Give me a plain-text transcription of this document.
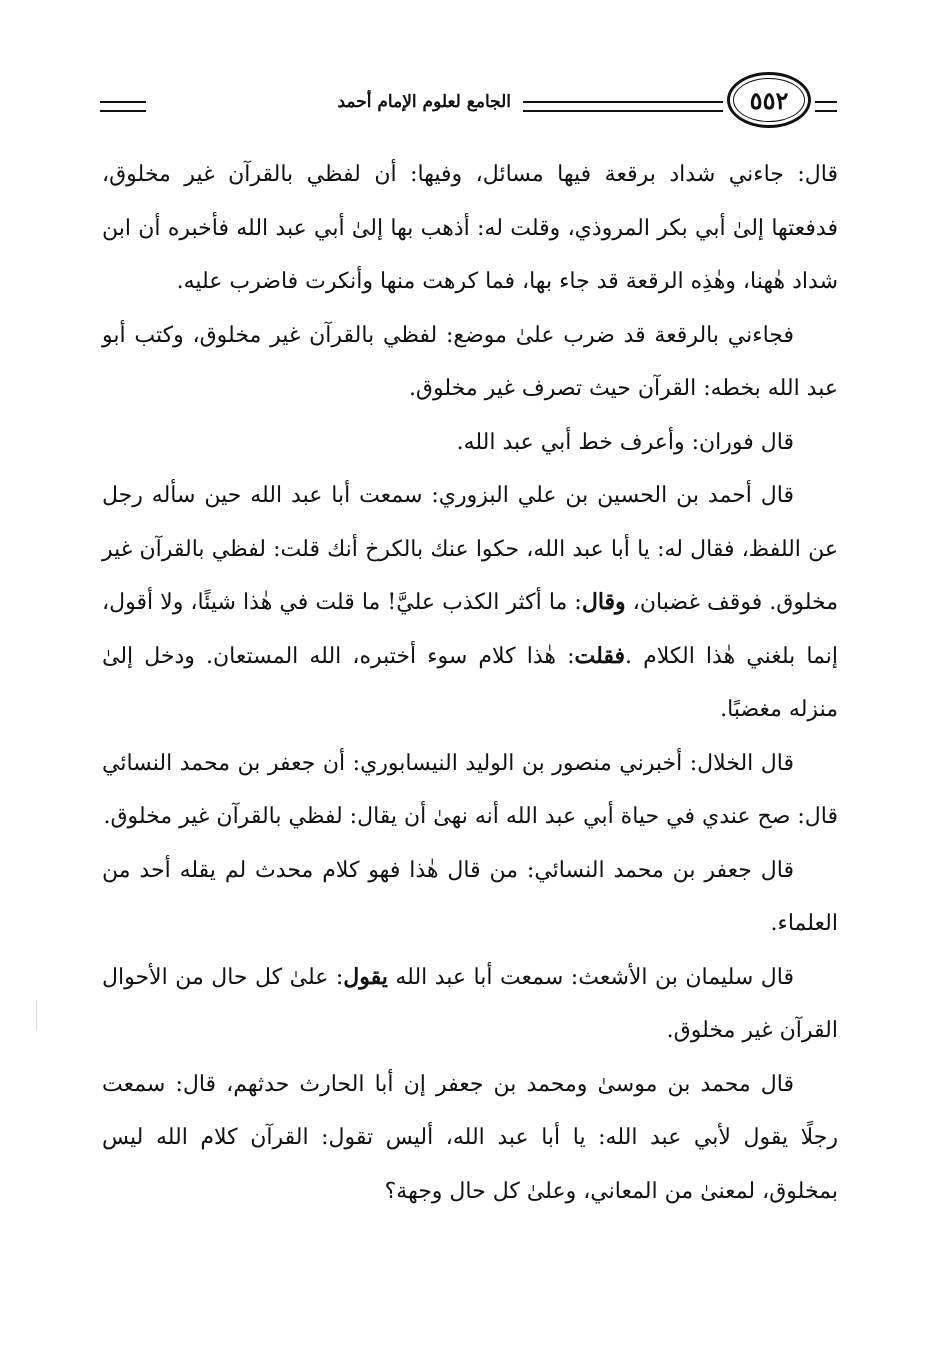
٥٥٢
الجامع لعلوم الإمام أحمد

قال: جاءني شداد برقعة فيها مسائل، وفيها: أن لفظي بالقرآن غير مخلوق، فدفعتها إلىٰ أبي بكر المروذي، وقلت له: أذهب بها إلىٰ أبي عبد الله فأخبره أن ابن شداد هٰهنا، وهٰذِه الرقعة قد جاء بها، فما كرهت منها وأنكرت فاضرب عليه.

فجاءني بالرقعة قد ضرب علىٰ موضع: لفظي بالقرآن غير مخلوق، وكتب أبو عبد الله بخطه: القرآن حيث تصرف غير مخلوق.

قال فوران: وأعرف خط أبي عبد الله.

قال أحمد بن الحسين بن علي البزوري: سمعت أبا عبد الله حين سأله رجل عن اللفظ، فقال له: يا أبا عبد الله، حكوا عنك بالكرخ أنك قلت: لفظي بالقرآن غير مخلوق. فوقف غضبان، وقال: ما أكثر الكذب عليَّ! ما قلت في هٰذا شيئًا، ولا أقول، إنما بلغني هٰذا الكلام .فقلت: هٰذا كلام سوء أختبره، الله المستعان. ودخل إلىٰ منزله مغضبًا.

قال الخلال: أخبرني منصور بن الوليد النيسابوري: أن جعفر بن محمد النسائي قال: صح عندي في حياة أبي عبد الله أنه نهىٰ أن يقال: لفظي بالقرآن غير مخلوق.

قال جعفر بن محمد النسائي: من قال هٰذا فهو كلام محدث لم يقله أحد من العلماء.

قال سليمان بن الأشعث: سمعت أبا عبد الله يقول: علىٰ كل حال من الأحوال القرآن غير مخلوق.

قال محمد بن موسىٰ ومحمد بن جعفر إن أبا الحارث حدثهم، قال: سمعت رجلًا يقول لأبي عبد الله: يا أبا عبد الله، أليس تقول: القرآن كلام الله ليس بمخلوق، لمعنىٰ من المعاني، وعلىٰ كل حال وجهة؟
